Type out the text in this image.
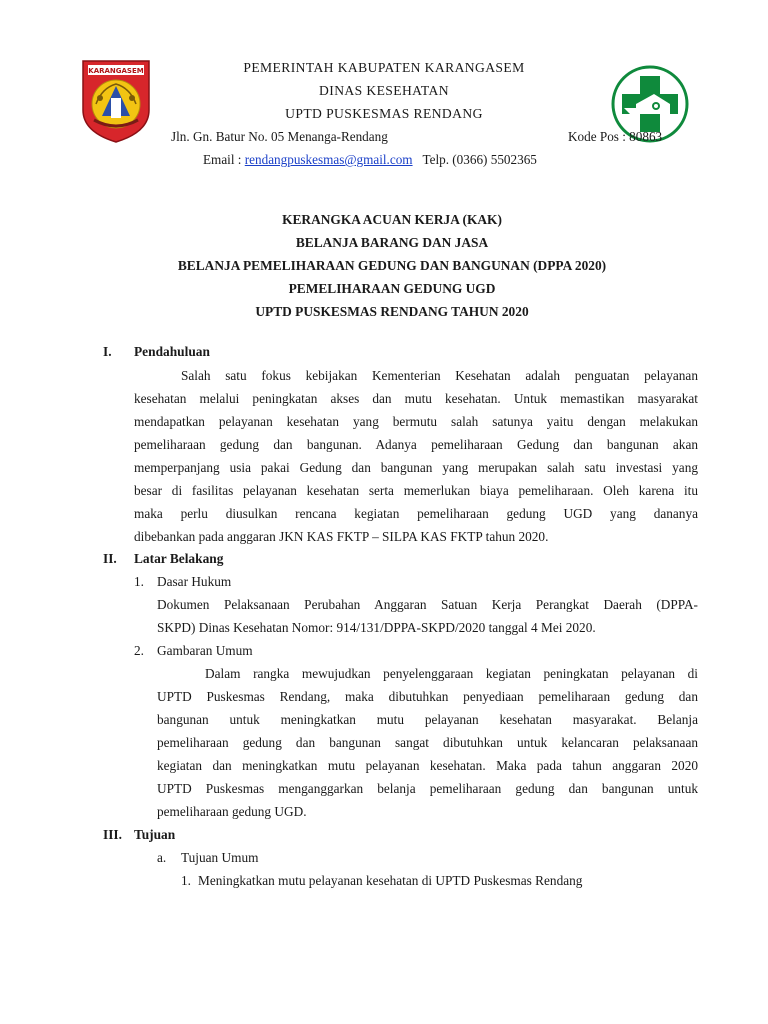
KARANGASEM	PEMERINTAH KABUPATEN KARANGASEM
DINAS KESEHATAN
UPTD PUSKESMAS RENDANG
Jln. Gn. Batur No. 05 Menanga-Rendang	Kode Pos : 80863
Email : rendangpuskesmas@gmail.com Telp. (0366) 5502365
KERANGKA ACUAN KERJA (KAK)
BELANJA BARANG DAN JASA
BELANJA PEMELIHARAAN GEDUNG DAN BANGUNAN (DPPA 2020)
PEMELIHARAAN GEDUNG UGD
UPTD PUSKESMAS RENDANG TAHUN 2020
I. Pendahuluan
Salah satu fokus kebijakan Kementerian Kesehatan adalah penguatan pelayanan
kesehatan melalui peningkatan akses dan mutu kesehatan. Untuk memastikan masyarakat
mendapatkan pelayanan kesehatan yang bermutu salah satunya yaitu dengan melakukan
pemeliharaan gedung dan bangunan. Adanya pemeliharaan Gedung dan bangunan akan
memperpanjang usia pakai Gedung dan bangunan yang merupakan salah satu investasi yang
besar di fasilitas pelayanan kesehatan serta memerlukan biaya pemeliharaan. Oleh karena itu
maka perlu diusulkan rencana kegiatan pemeliharaan gedung UGD yang dananya
dibebankan pada anggaran JKN KAS FKTP – SILPA KAS FKTP tahun 2020.
II. Latar Belakang
1. Dasar Hukum
Dokumen Pelaksanaan Perubahan Anggaran Satuan Kerja Perangkat Daerah (DPPA-
SKPD) Dinas Kesehatan Nomor: 914/131/DPPA-SKPD/2020 tanggal 4 Mei 2020.
2. Gambaran Umum
Dalam rangka mewujudkan penyelenggaraan kegiatan peningkatan pelayanan di
UPTD Puskesmas Rendang, maka dibutuhkan penyediaan pemeliharaan gedung dan
bangunan untuk meningkatkan mutu pelayanan kesehatan masyarakat. Belanja
pemeliharaan gedung dan bangunan sangat dibutuhkan untuk kelancaran pelaksanaan
kegiatan dan meningkatkan mutu pelayanan kesehatan. Maka pada tahun anggaran 2020
UPTD Puskesmas menganggarkan belanja pemeliharaan gedung dan bangunan untuk
pemeliharaan gedung UGD.
III. Tujuan
a. Tujuan Umum
1. Meningkatkan mutu pelayanan kesehatan di UPTD Puskesmas Rendang
